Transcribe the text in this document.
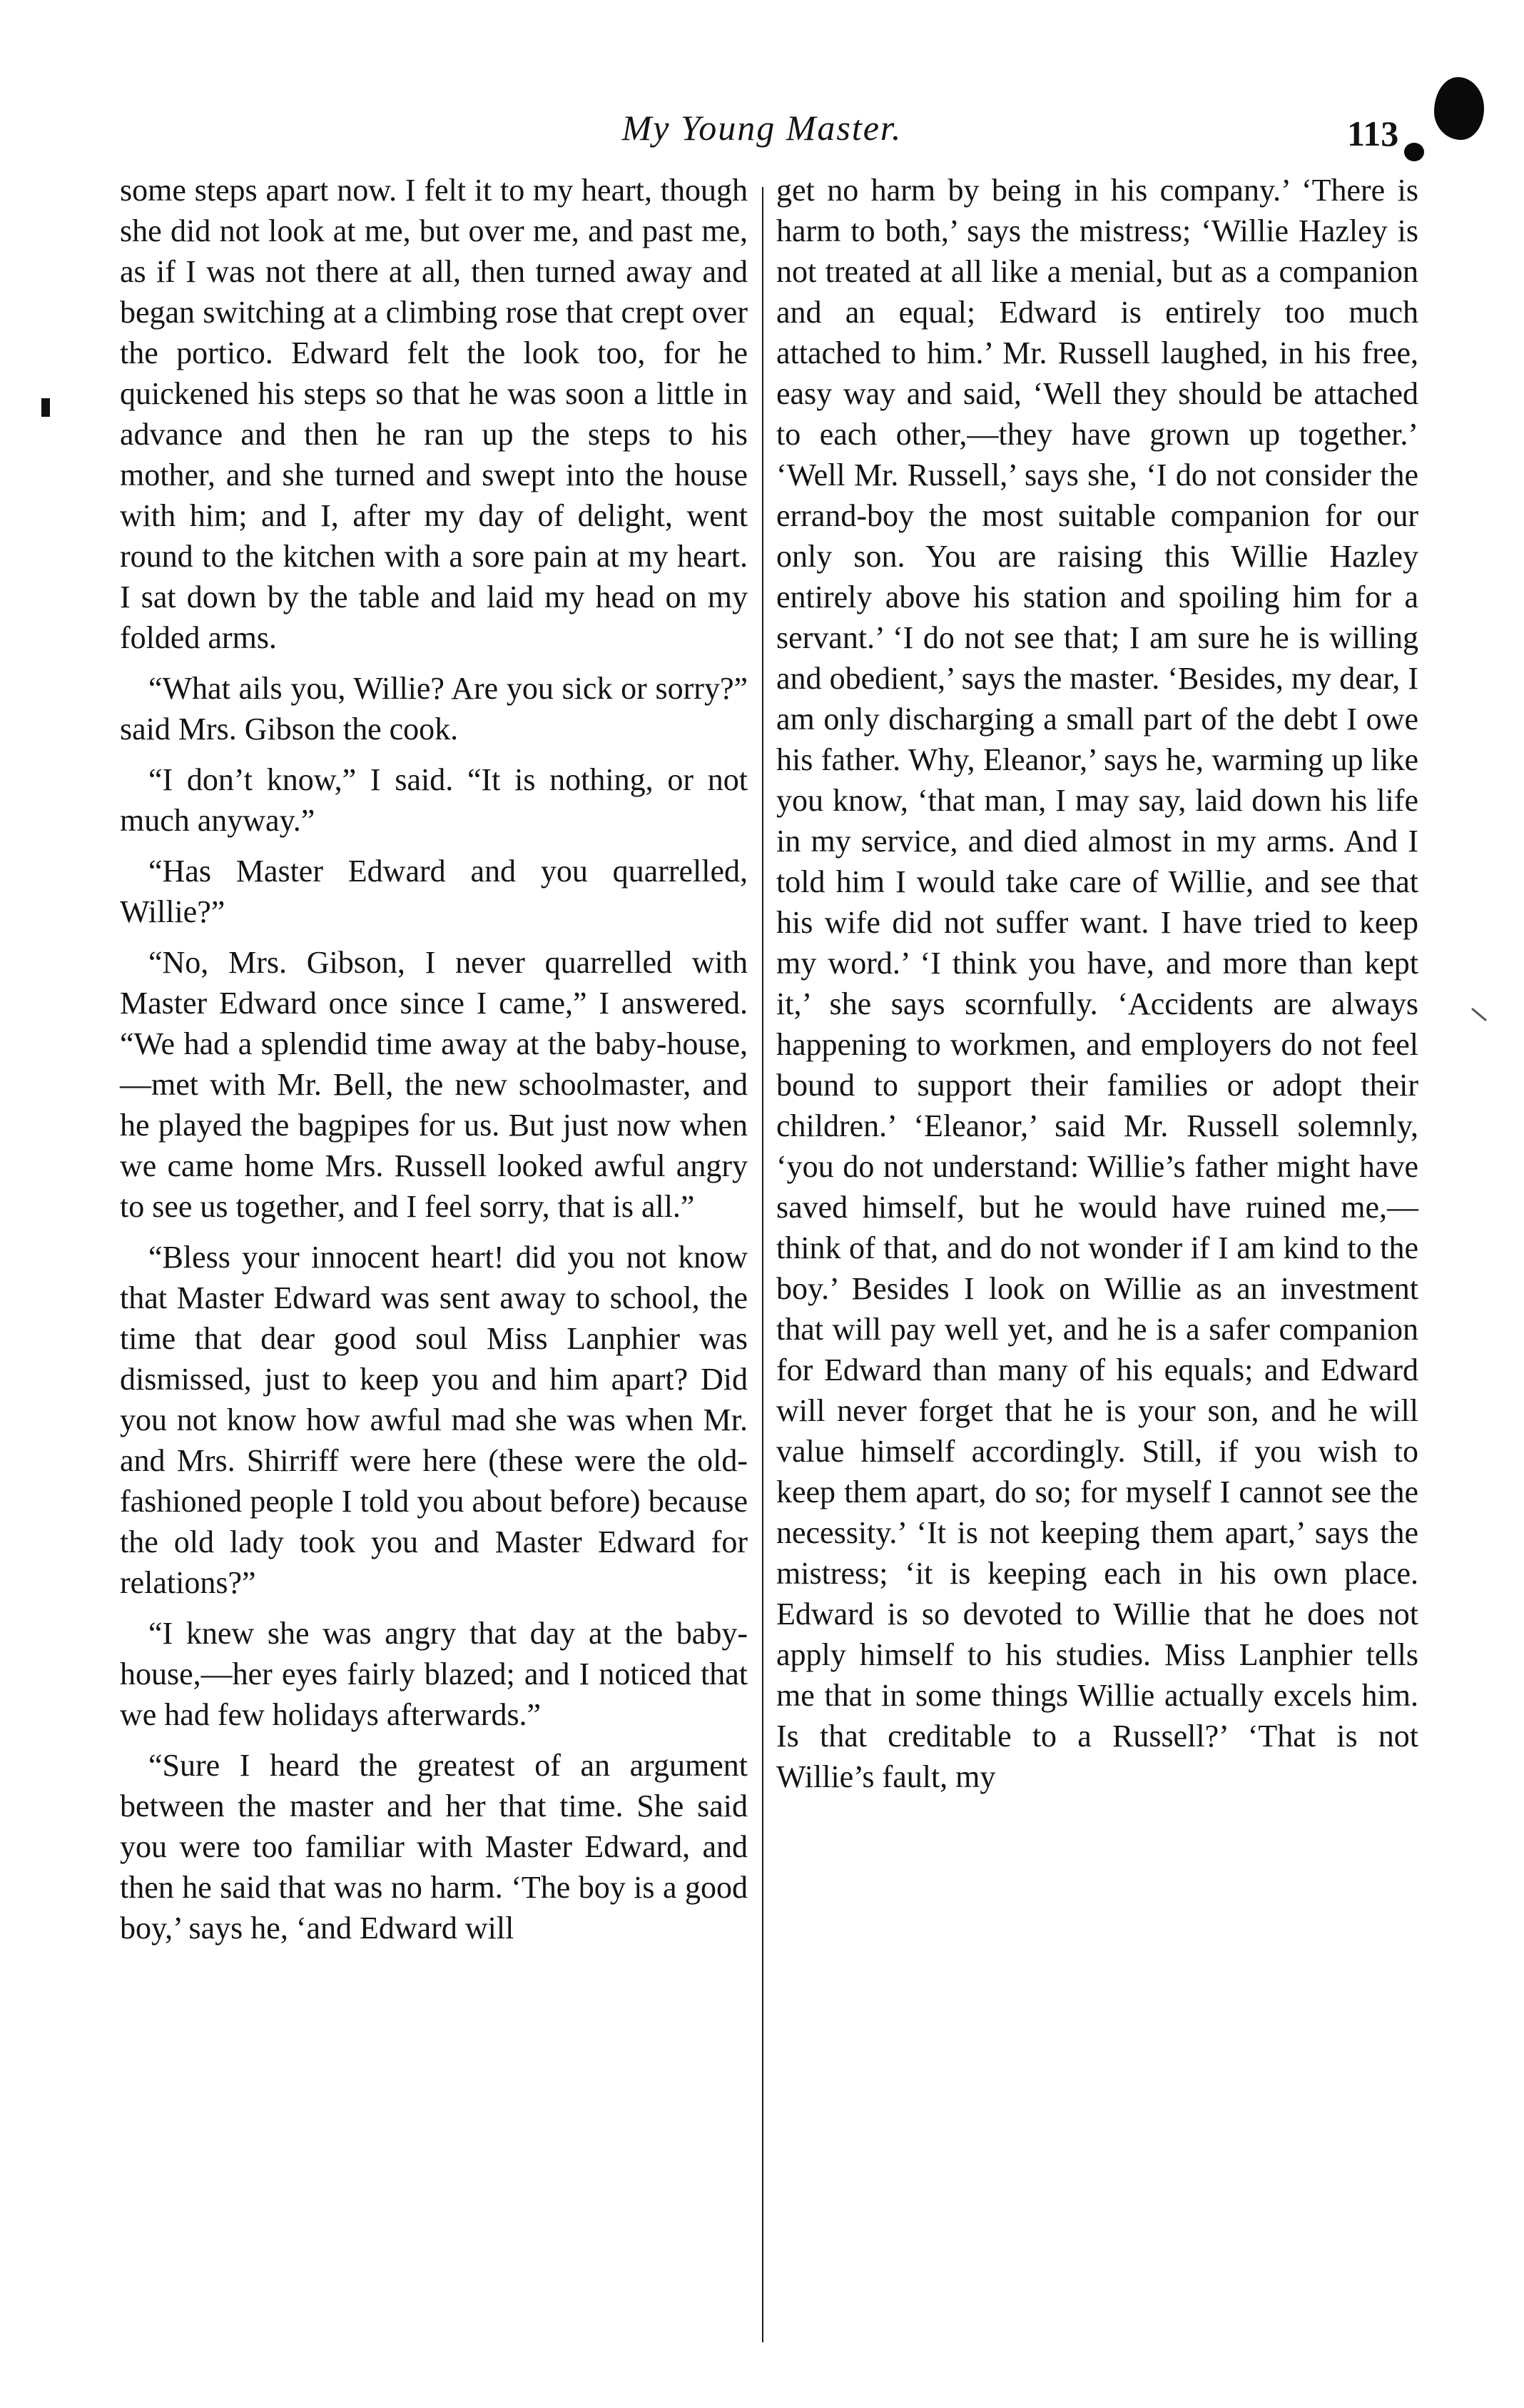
My Young Master.	113

some steps apart now. I felt it to my heart, though she did not look at me, but over me, and past me, as if I was not there at all, then turned away and began switching at a climbing rose that crept over the portico. Edward felt the look too, for he quickened his steps so that he was soon a little in advance and then he ran up the steps to his mother, and she turned and swept into the house with him; and I, after my day of delight, went round to the kitchen with a sore pain at my heart. I sat down by the table and laid my head on my folded arms.

“What ails you, Willie? Are you sick or sorry?” said Mrs. Gibson the cook.

“I don’t know,” I said. “It is nothing, or not much anyway.”

“Has Master Edward and you quarrelled, Willie?”

“No, Mrs. Gibson, I never quarrelled with Master Edward once since I came,” I answered. “We had a splendid time away at the baby-house,—met with Mr. Bell, the new schoolmaster, and he played the bagpipes for us. But just now when we came home Mrs. Russell looked awful angry to see us together, and I feel sorry, that is all.”

“Bless your innocent heart! did you not know that Master Edward was sent away to school, the time that dear good soul Miss Lanphier was dismissed, just to keep you and him apart? Did you not know how awful mad she was when Mr. and Mrs. Shirriff were here (these were the old-fashioned people I told you about before) because the old lady took you and Master Edward for relations?”

“I knew she was angry that day at the baby-house,—her eyes fairly blazed; and I noticed that we had few holidays afterwards.”

“Sure I heard the greatest of an argument between the master and her that time. She said you were too familiar with Master Edward, and then he said that was no harm. ‘The boy is a good boy,’ says he, ‘and Edward will

get no harm by being in his company.’ ‘There is harm to both,’ says the mistress; ‘Willie Hazley is not treated at all like a menial, but as a companion and an equal; Edward is entirely too much attached to him.’ Mr. Russell laughed, in his free, easy way and said, ‘Well they should be attached to each other,—they have grown up together.’ ‘Well Mr. Russell,’ says she, ‘I do not consider the errand-boy the most suitable companion for our only son. You are raising this Willie Hazley entirely above his station and spoiling him for a servant.’ ‘I do not see that; I am sure he is willing and obedient,’ says the master. ‘Besides, my dear, I am only discharging a small part of the debt I owe his father. Why, Eleanor,’ says he, warming up like you know, ‘that man, I may say, laid down his life in my service, and died almost in my arms. And I told him I would take care of Willie, and see that his wife did not suffer want. I have tried to keep my word.’ ‘I think you have, and more than kept it,’ she says scornfully. ‘Accidents are always happening to workmen, and employers do not feel bound to support their families or adopt their children.’ ‘Eleanor,’ said Mr. Russell solemnly, ‘you do not understand: Willie’s father might have saved himself, but he would have ruined me,—think of that, and do not wonder if I am kind to the boy.’ Besides I look on Willie as an investment that will pay well yet, and he is a safer companion for Edward than many of his equals; and Edward will never forget that he is your son, and he will value himself accordingly. Still, if you wish to keep them apart, do so; for myself I cannot see the necessity.’ ‘It is not keeping them apart,’ says the mistress; ‘it is keeping each in his own place. Edward is so devoted to Willie that he does not apply himself to his studies. Miss Lanphier tells me that in some things Willie actually excels him. Is that creditable to a Russell?’ ‘That is not Willie’s fault, my
